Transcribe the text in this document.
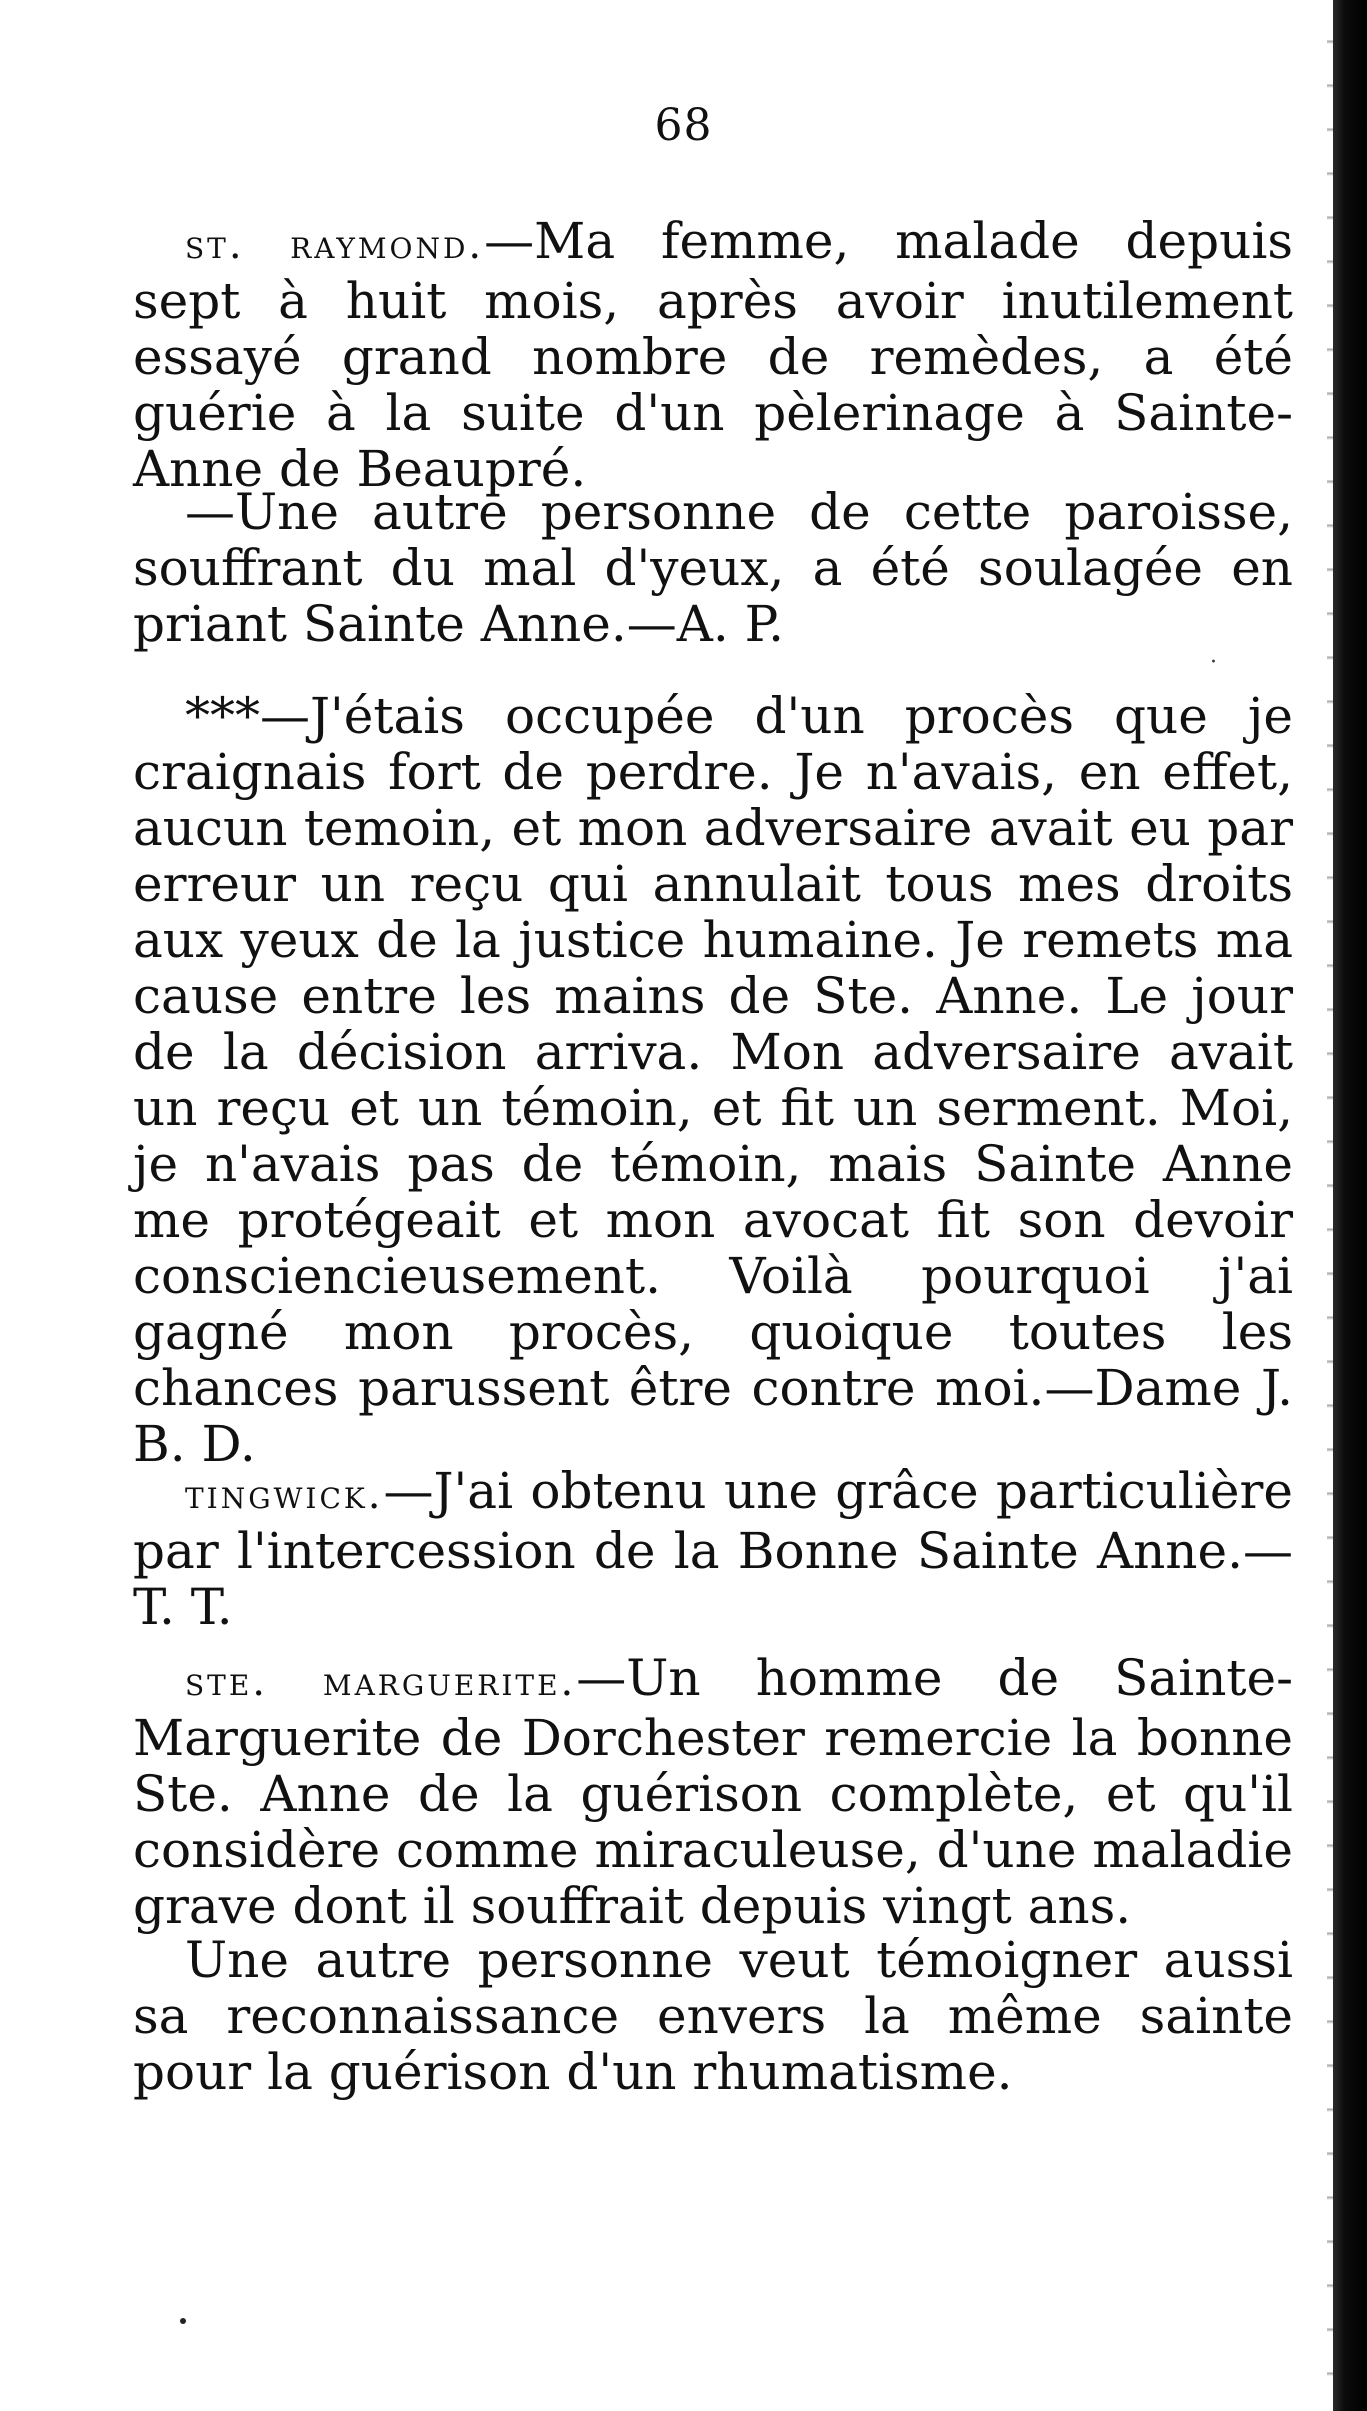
68

st. raymond.—Ma femme, malade depuis sept à huit mois, après avoir inutilement essayé grand nombre de remèdes, a été guérie à la suite d'un pèlerinage à Sainte-Anne de Beaupré.

—Une autre personne de cette paroisse, souffrant du mal d'yeux, a été soulagée en priant Sainte Anne.—A. P.

***—J'étais occupée d'un procès que je craignais fort de perdre. Je n'avais, en effet, aucun temoin, et mon adversaire avait eu par erreur un reçu qui annulait tous mes droits aux yeux de la justice humaine. Je remets ma cause entre les mains de Ste. Anne. Le jour de la décision arriva. Mon adversaire avait un reçu et un témoin, et fit un serment. Moi, je n'avais pas de témoin, mais Sainte Anne me protégeait et mon avocat fit son devoir consciencieusement. Voilà pourquoi j'ai gagné mon procès, quoique toutes les chances parussent être contre moi.—Dame J. B. D.

tingwick.—J'ai obtenu une grâce particulière par l'intercession de la Bonne Sainte Anne.—T. T.

ste. marguerite.—Un homme de Sainte-Marguerite de Dorchester remercie la bonne Ste. Anne de la guérison complète, et qu'il considère comme miraculeuse, d'une maladie grave dont il souffrait depuis vingt ans.

Une autre personne veut témoigner aussi sa reconnaissance envers la même sainte pour la guérison d'un rhumatisme.

·
